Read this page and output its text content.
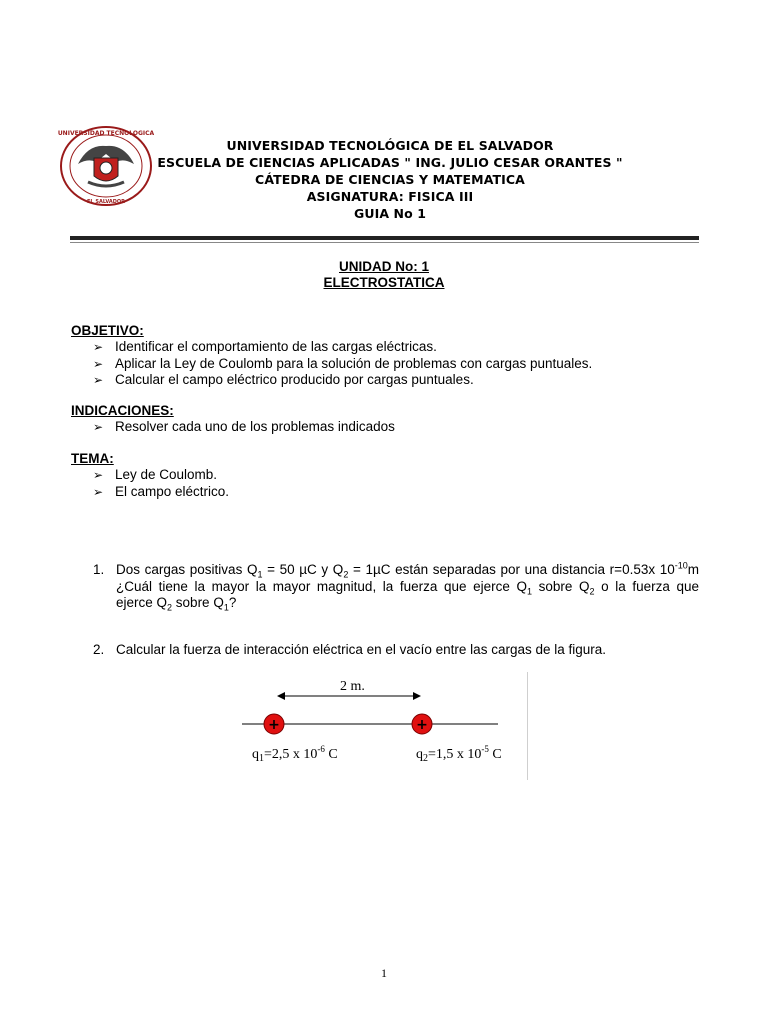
UNIVERSIDAD TECNOLOGICA
EL SALVADOR
UNIVERSIDAD TECNOLÓGICA DE EL SALVADOR
ESCUELA DE CIENCIAS APLICADAS " ING. JULIO CESAR ORANTES "
CÁTEDRA DE CIENCIAS Y MATEMATICA
ASIGNATURA: FISICA III
GUIA No 1
UNIDAD No: 1
ELECTROSTATICA
OBJETIVO:
➢ Identificar el comportamiento de las cargas eléctricas.
➢ Aplicar la Ley de Coulomb para la solución de problemas con cargas puntuales.
➢ Calcular el campo eléctrico producido por cargas puntuales.
INDICACIONES:
➢ Resolver cada uno de los problemas indicados
TEMA:
➢ Ley de Coulomb.
➢ El campo eléctrico.
1. Dos cargas positivas $Q_1 = 50$ µC y $Q_2 = 1\mu C$ están separadas por una distancia r=0.53x $10^{-10}m$
¿Cuál tiene la mayor la mayor magnitud, la fuerza que ejerce $Q_1$ sobre $Q_2$ o la fuerza que
ejerce $Q_2$ sobre $Q_1$?
2. Calcular la fuerza de interacción eléctrica en el vacío entre las cargas de la figura.
2 m.
+	+
$q_1=2,5$ x $10^{-6}$ C	$q_2=1,5$ x $10^{-5}$ C
1
